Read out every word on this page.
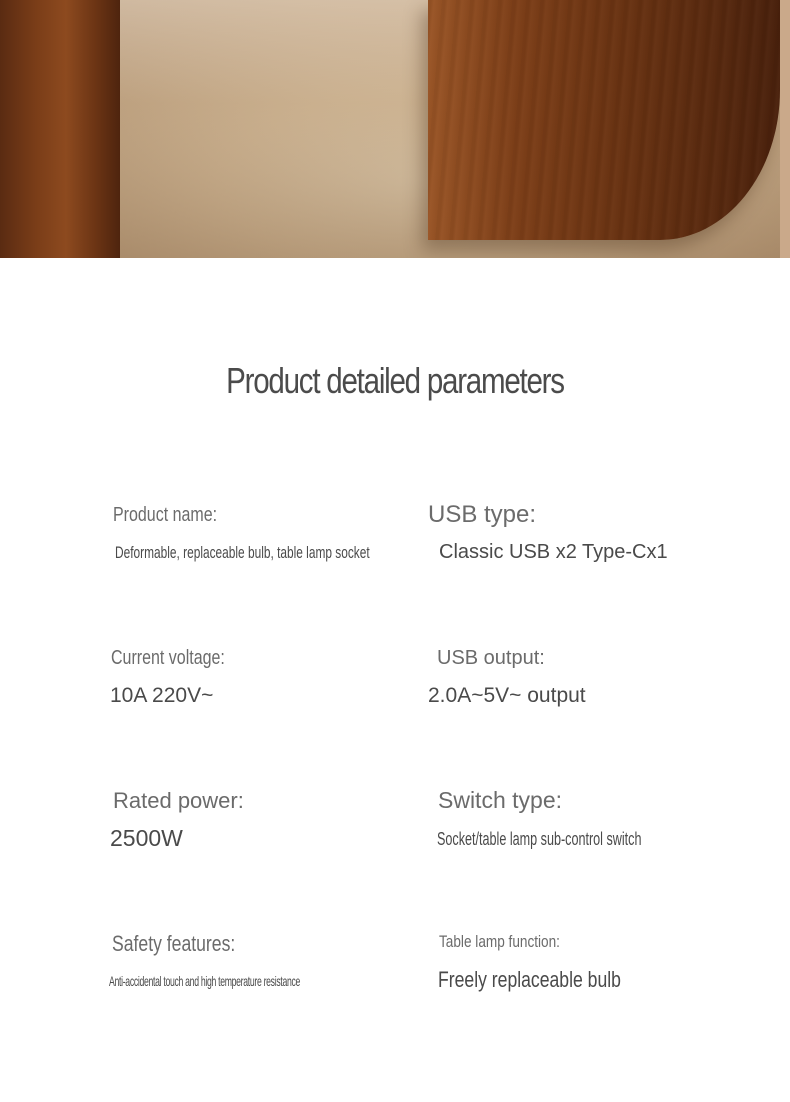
Product detailed parameters
Product name:
Deformable, replaceable bulb, table lamp socket
USB type:
Classic USB x2 Type-Cx1
Current voltage:
10A 220V~
USB output:
2.0A~5V~ output
Rated power:
2500W
Switch type:
Socket/table lamp sub-control switch
Safety features:
Anti-accidental touch and high temperature resistance
Table lamp function:
Freely replaceable bulb
